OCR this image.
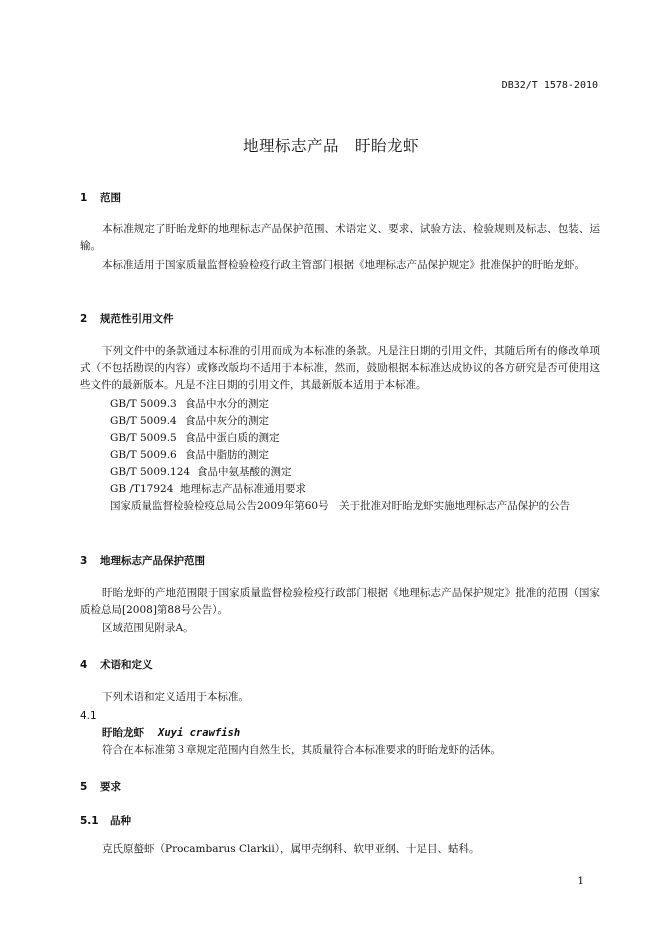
DB32/T 1578-2010
地理标志产品　盱眙龙虾
1 范围
本标准规定了盱眙龙虾的地理标志产品保护范围、术语定义、要求、试验方法、检验规则及标志、包装、运输。
本标准适用于国家质量监督检验检疫行政主管部门根据《地理标志产品保护规定》批准保护的盱眙龙虾。
2 规范性引用文件
下列文件中的条款通过本标准的引用而成为本标准的条款。凡是注日期的引用文件，其随后所有的修改单项式（不包括勘误的内容）或修改版均不适用于本标准，然而，鼓励根据本标准达成协议的各方研究是否可使用这些文件的最新版本。凡是不注日期的引用文件，其最新版本适用于本标准。
GB/T 5009.3 食品中水分的测定
GB/T 5009.4 食品中灰分的测定
GB/T 5009.5 食品中蛋白质的测定
GB/T 5009.6 食品中脂肪的测定
GB/T 5009.124 食品中氨基酸的测定
GB /T17924 地理标志产品标准通用要求
国家质量监督检验检疫总局公告2009年第60号　关于批准对盱眙龙虾实施地理标志产品保护的公告
3 地理标志产品保护范围
盱眙龙虾的产地范围限于国家质量监督检验检疫行政部门根据《地理标志产品保护规定》批准的范围（国家质检总局[2008]第88号公告）。
区域范围见附录A。
4 术语和定义
下列术语和定义适用于本标准。
4.1
盱眙龙虾 Xuyi crawfish
符合在本标准第３章规定范围内自然生长，其质量符合本标准要求的盱眙龙虾的活体。
5 要求
5.1 品种
克氏原螯虾（Procambarus Clarkii），属甲壳纲科、软甲亚纲、十足目、蛄科。
1
